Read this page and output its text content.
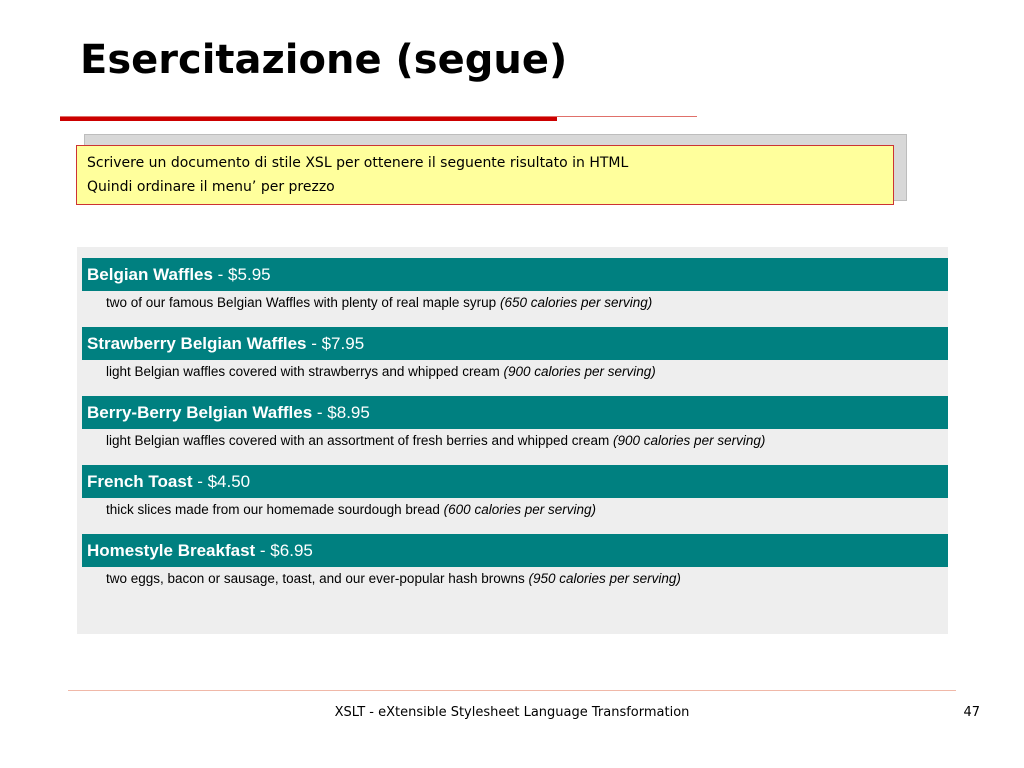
Esercitazione (segue)
Scrivere un documento di stile XSL per ottenere il seguente risultato in HTML
Quindi ordinare il menu’ per prezzo
Belgian Waffles - $5.95
two of our famous Belgian Waffles with plenty of real maple syrup (650 calories per serving)
Strawberry Belgian Waffles - $7.95
light Belgian waffles covered with strawberrys and whipped cream (900 calories per serving)
Berry-Berry Belgian Waffles - $8.95
light Belgian waffles covered with an assortment of fresh berries and whipped cream (900 calories per serving)
French Toast - $4.50
thick slices made from our homemade sourdough bread (600 calories per serving)
Homestyle Breakfast - $6.95
two eggs, bacon or sausage, toast, and our ever-popular hash browns (950 calories per serving)
XSLT - eXtensible Stylesheet Language Transformation	47
